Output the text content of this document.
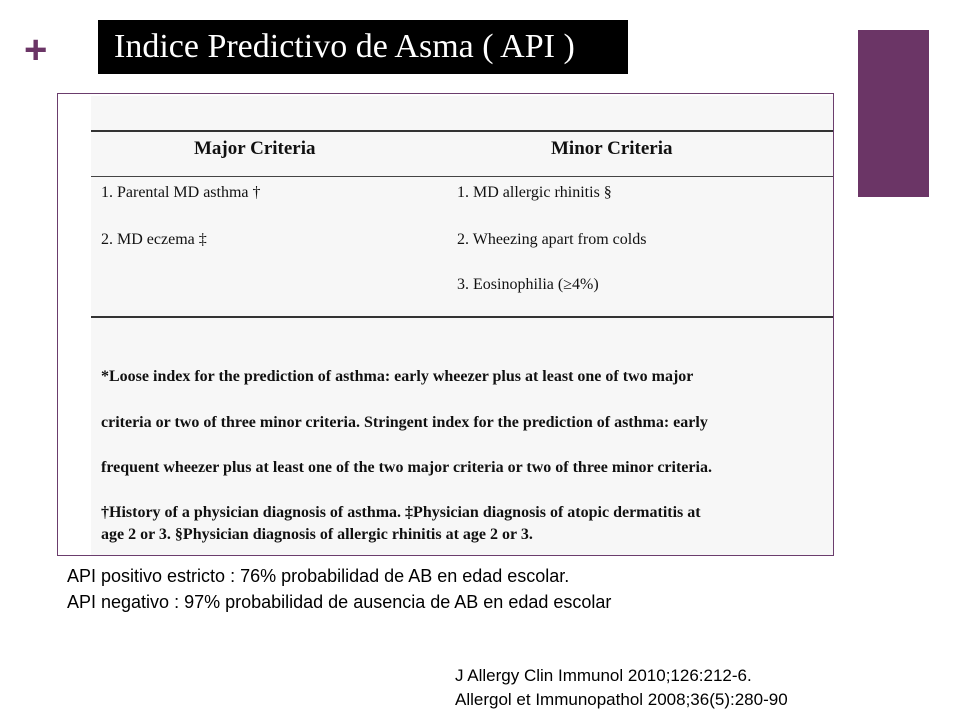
+	Indice Predictivo de Asma ( API )
Major Criteria	Minor Criteria
1. Parental MD asthma †
2. MD eczema ‡
1. MD allergic rhinitis §
2. Wheezing apart from colds
3. Eosinophilia (≥4%)
*Loose index for the prediction of asthma: early wheezer plus at least one of two major
criteria or two of three minor criteria. Stringent index for the prediction of asthma: early
frequent wheezer plus at least one of the two major criteria or two of three minor criteria.
†History of a physician diagnosis of asthma. ‡Physician diagnosis of atopic dermatitis at
age 2 or 3. §Physician diagnosis of allergic rhinitis at age 2 or 3.
API positivo estricto : 76% probabilidad de AB en edad escolar.
API negativo : 97% probabilidad de ausencia de AB en edad escolar
J Allergy Clin Immunol 2010;126:212-6.
Allergol et Immunopathol 2008;36(5):280-90
